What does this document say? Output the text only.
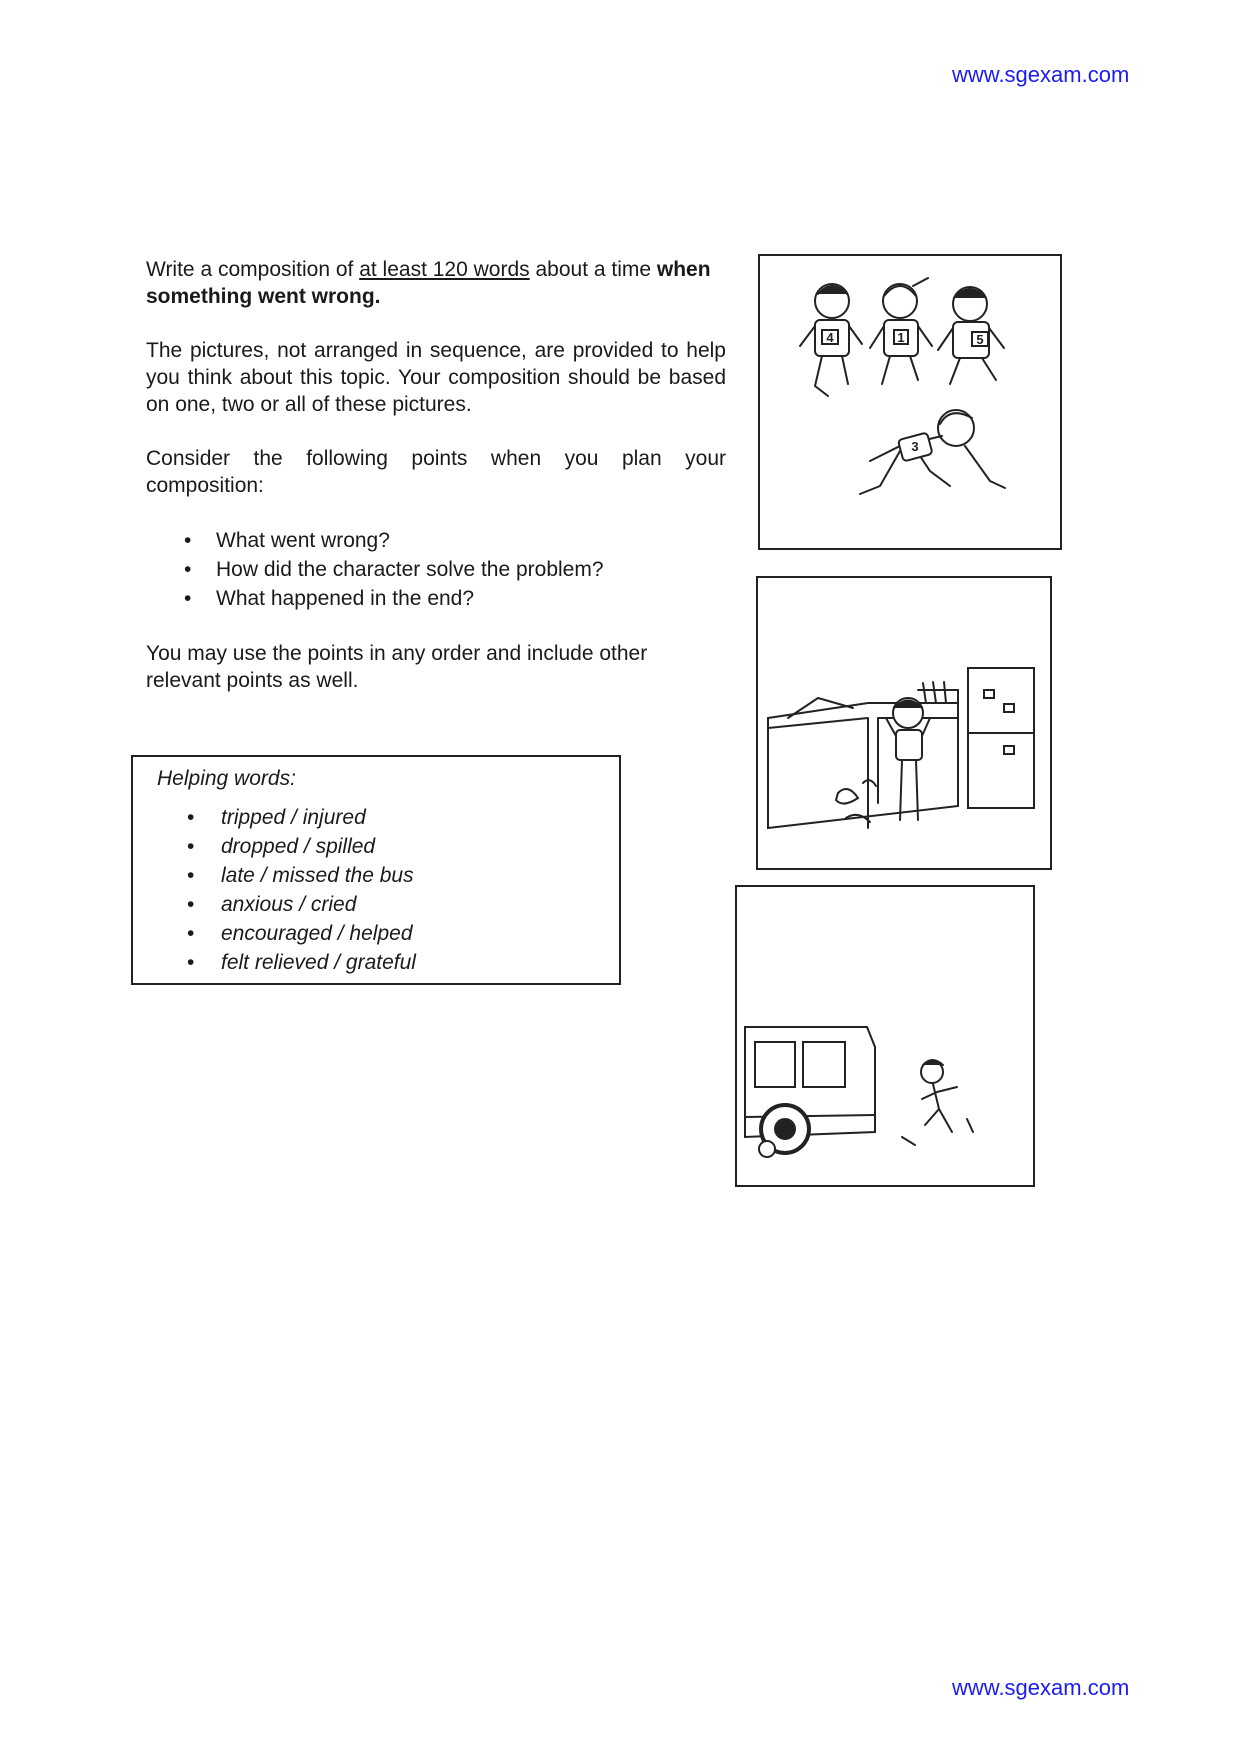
www.sgexam.com

Write a composition of at least 120 words about a time when something went wrong.

The pictures, not arranged in sequence, are provided to help you think about this topic. Your composition should be based on one, two or all of these pictures.

Consider the following points when you plan your composition:

• What went wrong?
• How did the character solve the problem?
• What happened in the end?

You may use the points in any order and include other relevant points as well.

Helping words:
• tripped / injured
• dropped / spilled
• late / missed the bus
• anxious / cried
• encouraged / helped
• felt relieved / grateful
4	1	5
3
www.sgexam.com
